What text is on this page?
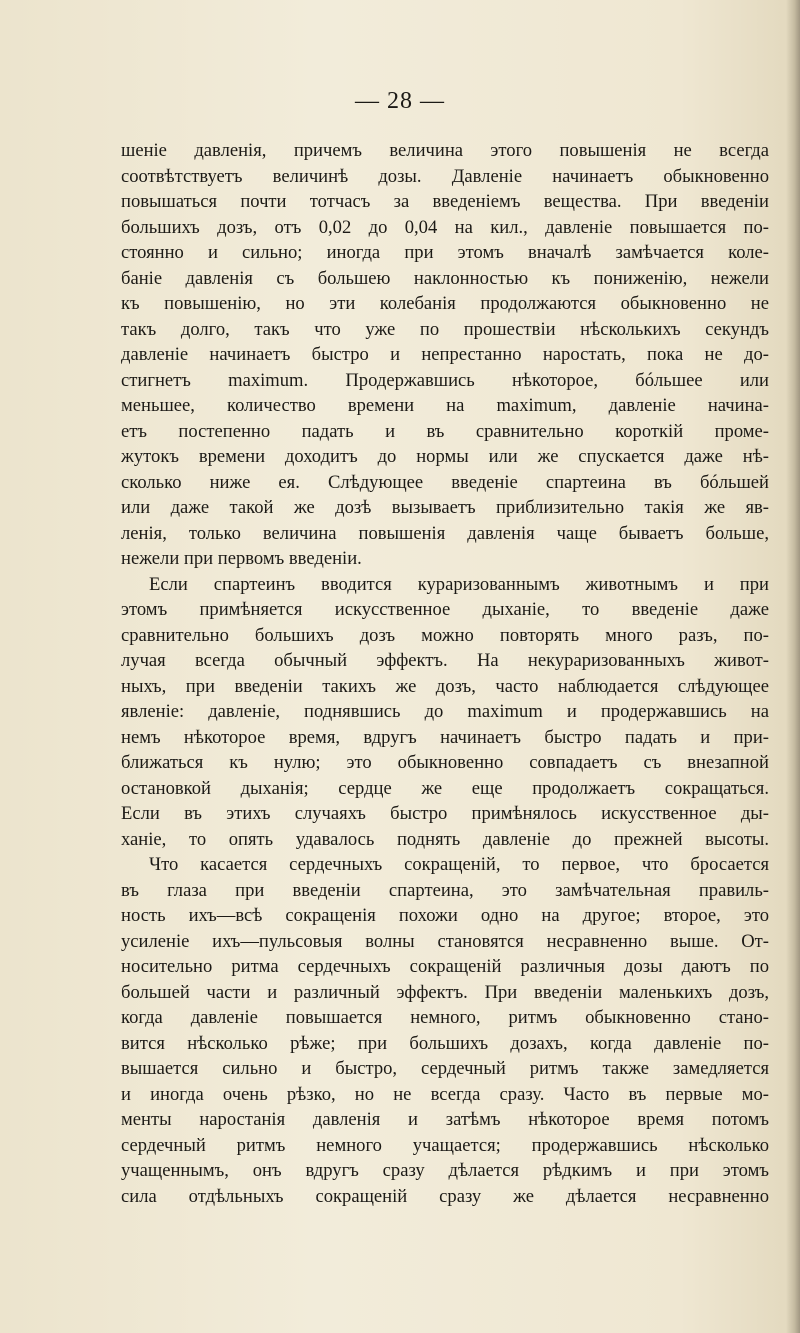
— 28 —
шеніе давленія, причемъ величина этого повышенія не всегда
соотвѣтствуетъ величинѣ дозы. Давленіе начинаетъ обыкновенно
повышаться почти тотчасъ за введеніемъ вещества. При введеніи
большихъ дозъ, отъ 0,02 до 0,04 на кил., давленіе повышается по-
стоянно и сильно; иногда при этомъ вначалѣ замѣчается коле-
баніе давленія съ большею наклонностью къ пониженію, нежели
къ повышенію, но эти колебанія продолжаются обыкновенно не
такъ долго, такъ что уже по прошествіи нѣсколькихъ секундъ
давленіе начинаетъ быстро и непрестанно наростать, пока не до-
стигнетъ maximum. Продержавшись нѣкоторое, бóльшее или
меньшее, количество времени на maximum, давленіе начина-
етъ постепенно падать и въ сравнительно короткій проме-
жутокъ времени доходитъ до нормы или же спускается даже нѣ-
сколько ниже ея. Слѣдующее введеніе спартеина въ бóльшей
или даже такой же дозѣ вызываетъ приблизительно такія же яв-
ленія, только величина повышенія давленія чаще бываетъ больше,
нежели при первомъ введеніи.
Если спартеинъ вводится кураризованнымъ животнымъ и при
этомъ примѣняется искусственное дыханіе, то введеніе даже
сравнительно большихъ дозъ можно повторять много разъ, по-
лучая всегда обычный эффектъ. На некураризованныхъ живот-
ныхъ, при введеніи такихъ же дозъ, часто наблюдается слѣдующее
явленіе: давленіе, поднявшись до maximum и продержавшись на
немъ нѣкоторое время, вдругъ начинаетъ быстро падать и при-
ближаться къ нулю; это обыкновенно совпадаетъ съ внезапной
остановкой дыханія; сердце же еще продолжаетъ сокращаться.
Если въ этихъ случаяхъ быстро примѣнялось искусственное ды-
ханіе, то опять удавалось поднять давленіе до прежней высоты.
Что касается сердечныхъ сокращеній, то первое, что бросается
въ глаза при введеніи спартеина, это замѣчательная правиль-
ность ихъ—всѣ сокращенія похожи одно на другое; второе, это
усиленіе ихъ—пульсовыя волны становятся несравненно выше. От-
носительно ритма сердечныхъ сокращеній различныя дозы даютъ по
большей части и различный эффектъ. При введеніи маленькихъ дозъ,
когда давленіе повышается немного, ритмъ обыкновенно стано-
вится нѣсколько рѣже; при большихъ дозахъ, когда давленіе по-
вышается сильно и быстро, сердечный ритмъ также замедляется
и иногда очень рѣзко, но не всегда сразу. Часто въ первые мо-
менты наростанія давленія и затѣмъ нѣкоторое время потомъ
сердечный ритмъ немного учащается; продержавшись нѣсколько
учащеннымъ, онъ вдругъ сразу дѣлается рѣдкимъ и при этомъ
сила отдѣльныхъ сокращеній сразу же дѣлается несравненно
